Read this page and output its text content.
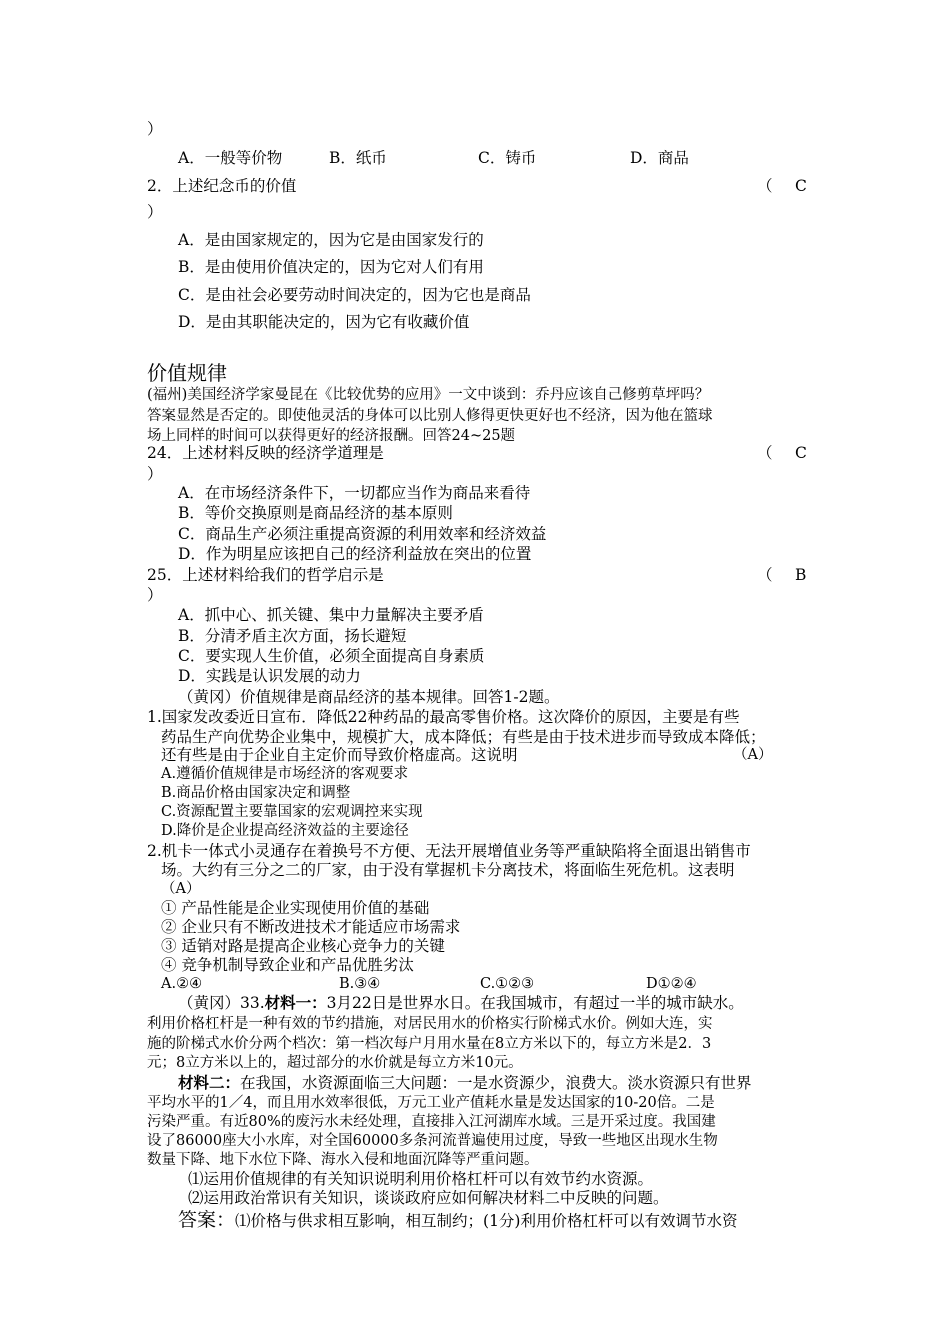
）
A．一般等价物	B．纸币	C．铸币	D．商品
2．上述纪念币的价值	（ C
）
A．是由国家规定的，因为它是由国家发行的
B．是由使用价值决定的，因为它对人们有用
C．是由社会必要劳动时间决定的，因为它也是商品
D．是由其职能决定的，因为它有收藏价值
价值规律
(福州)美国经济学家曼昆在《比较优势的应用》一文中谈到：乔丹应该自己修剪草坪吗？
答案显然是否定的。即使他灵活的身体可以比别人修得更快更好也不经济，因为他在篮球
场上同样的时间可以获得更好的经济报酬。回答24~25题
24．上述材料反映的经济学道理是	（ C
）
A．在市场经济条件下，一切都应当作为商品来看待
B．等价交换原则是商品经济的基本原则
C．商品生产必须注重提高资源的利用效率和经济效益
D．作为明星应该把自己的经济利益放在突出的位置
25．上述材料给我们的哲学启示是	（ B
）
A．抓中心、抓关键、集中力量解决主要矛盾
B．分清矛盾主次方面，扬长避短
C．要实现人生价值，必须全面提高自身素质
D．实践是认识发展的动力
（黄冈）价值规律是商品经济的基本规律。回答1-2题。
1.国家发改委近日宣布．降低22种药品的最高零售价格。这次降价的原因，主要是有些
药品生产向优势企业集中，规模扩大，成本降低；有些是由于技术进步而导致成本降低；
还有些是由于企业自主定价而导致价格虚高。这说明	（A）
A.遵循价值规律是市场经济的客观要求
B.商品价格由国家决定和调整
C.资源配置主要靠国家的宏观调控来实现
D.降价是企业提高经济效益的主要途径
2.机卡一体式小灵通存在着换号不方便、无法开展增值业务等严重缺陷将全面退出销售市
场。大约有三分之二的厂家，由于没有掌握机卡分离技术，将面临生死危机。这表明
（A）
① 产品性能是企业实现使用价值的基础
② 企业只有不断改进技术才能适应市场需求
③ 适销对路是提高企业核心竞争力的关键
④ 竞争机制导致企业和产品优胜劣汰
A.②④	B.③④	C.①②③	D①②④
（黄冈）33.材料一：3月22日是世界水日。在我国城市，有超过一半的城市缺水。
利用价格杠杆是一种有效的节约措施，对居民用水的价格实行阶梯式水价。例如大连，实
施的阶梯式水价分两个档次：第一档次每户月用水量在8立方米以下的，每立方米是2．3
元；8立方米以上的，超过部分的水价就是每立方米10元。
材料二：在我国，水资源面临三大问题：一是水资源少，浪费大。淡水资源只有世界
平均水平的1／4，而且用水效率很低，万元工业产值耗水量是发达国家的10-20倍。二是
污染严重。有近80%的废污水未经处理，直接排入江河湖库水域。三是开采过度。我国建
设了86000座大小水库，对全国60000多条河流普遍使用过度，导致一些地区出现水生物
数量下降、地下水位下降、海水入侵和地面沉降等严重问题。
⑴运用价值规律的有关知识说明利用价格杠杆可以有效节约水资源。
⑵运用政治常识有关知识，谈谈政府应如何解决材料二中反映的问题。
答案：⑴价格与供求相互影响，相互制约；(1分)利用价格杠杆可以有效调节水资
